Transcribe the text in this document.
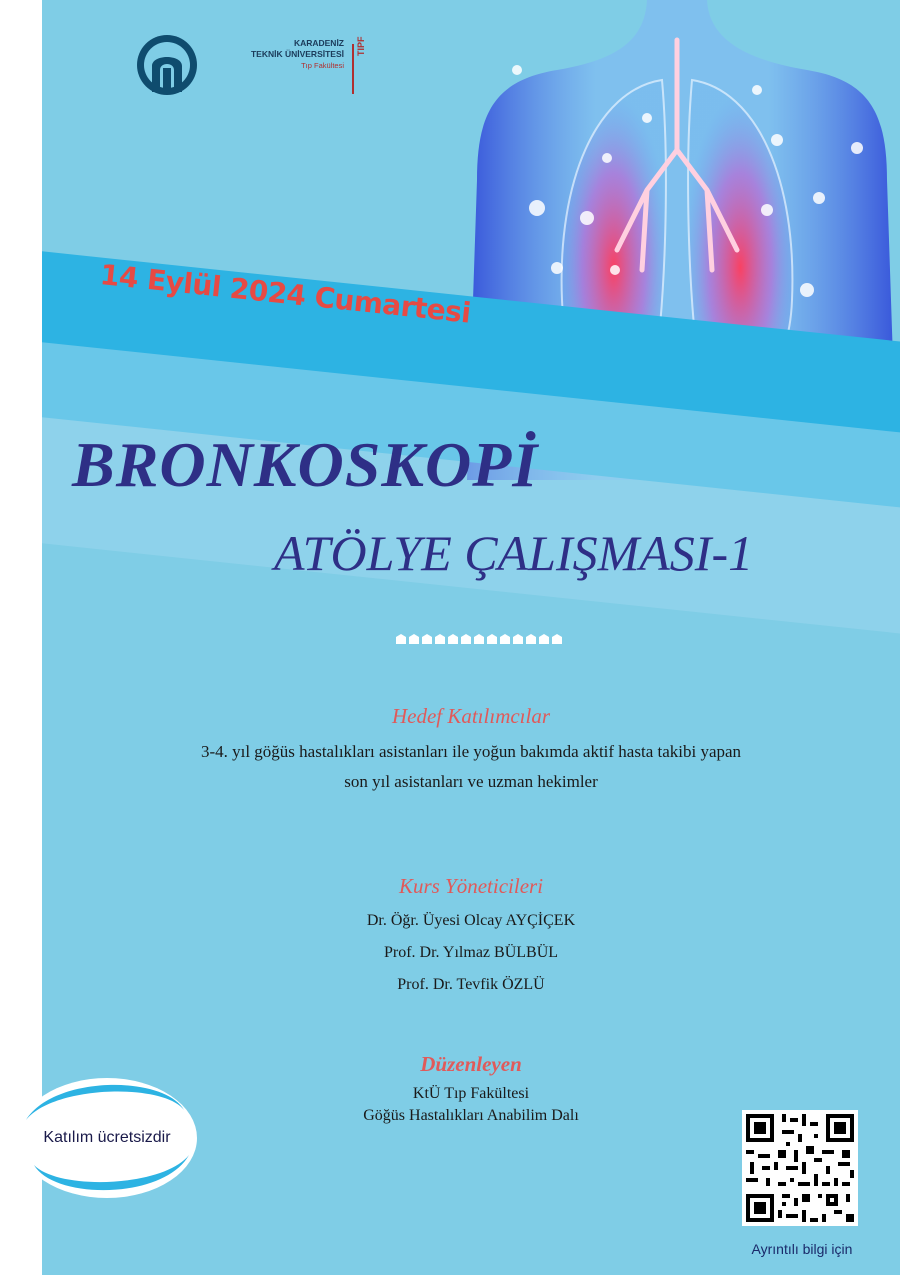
KARADENİZ
TEKNİK ÜNİVERSİTESİ
Tıp Fakültesi
TIPF
14 Eylül 2024 Cumartesi
BRONKOSKOPİ
ATÖLYE ÇALIŞMASI-1
Hedef Katılımcılar
3-4. yıl göğüs hastalıkları asistanları ile yoğun bakımda aktif hasta takibi yapan
son yıl asistanları ve uzman hekimler
Kurs Yöneticileri
Dr. Öğr. Üyesi Olcay AYÇİÇEK
Prof. Dr. Yılmaz BÜLBÜL
Prof. Dr. Tevfik ÖZLÜ
Düzenleyen
KtÜ Tıp Fakültesi
Göğüs Hastalıkları Anabilim Dalı
Ayrıntılı bilgi için
Katılım ücretsizdir
